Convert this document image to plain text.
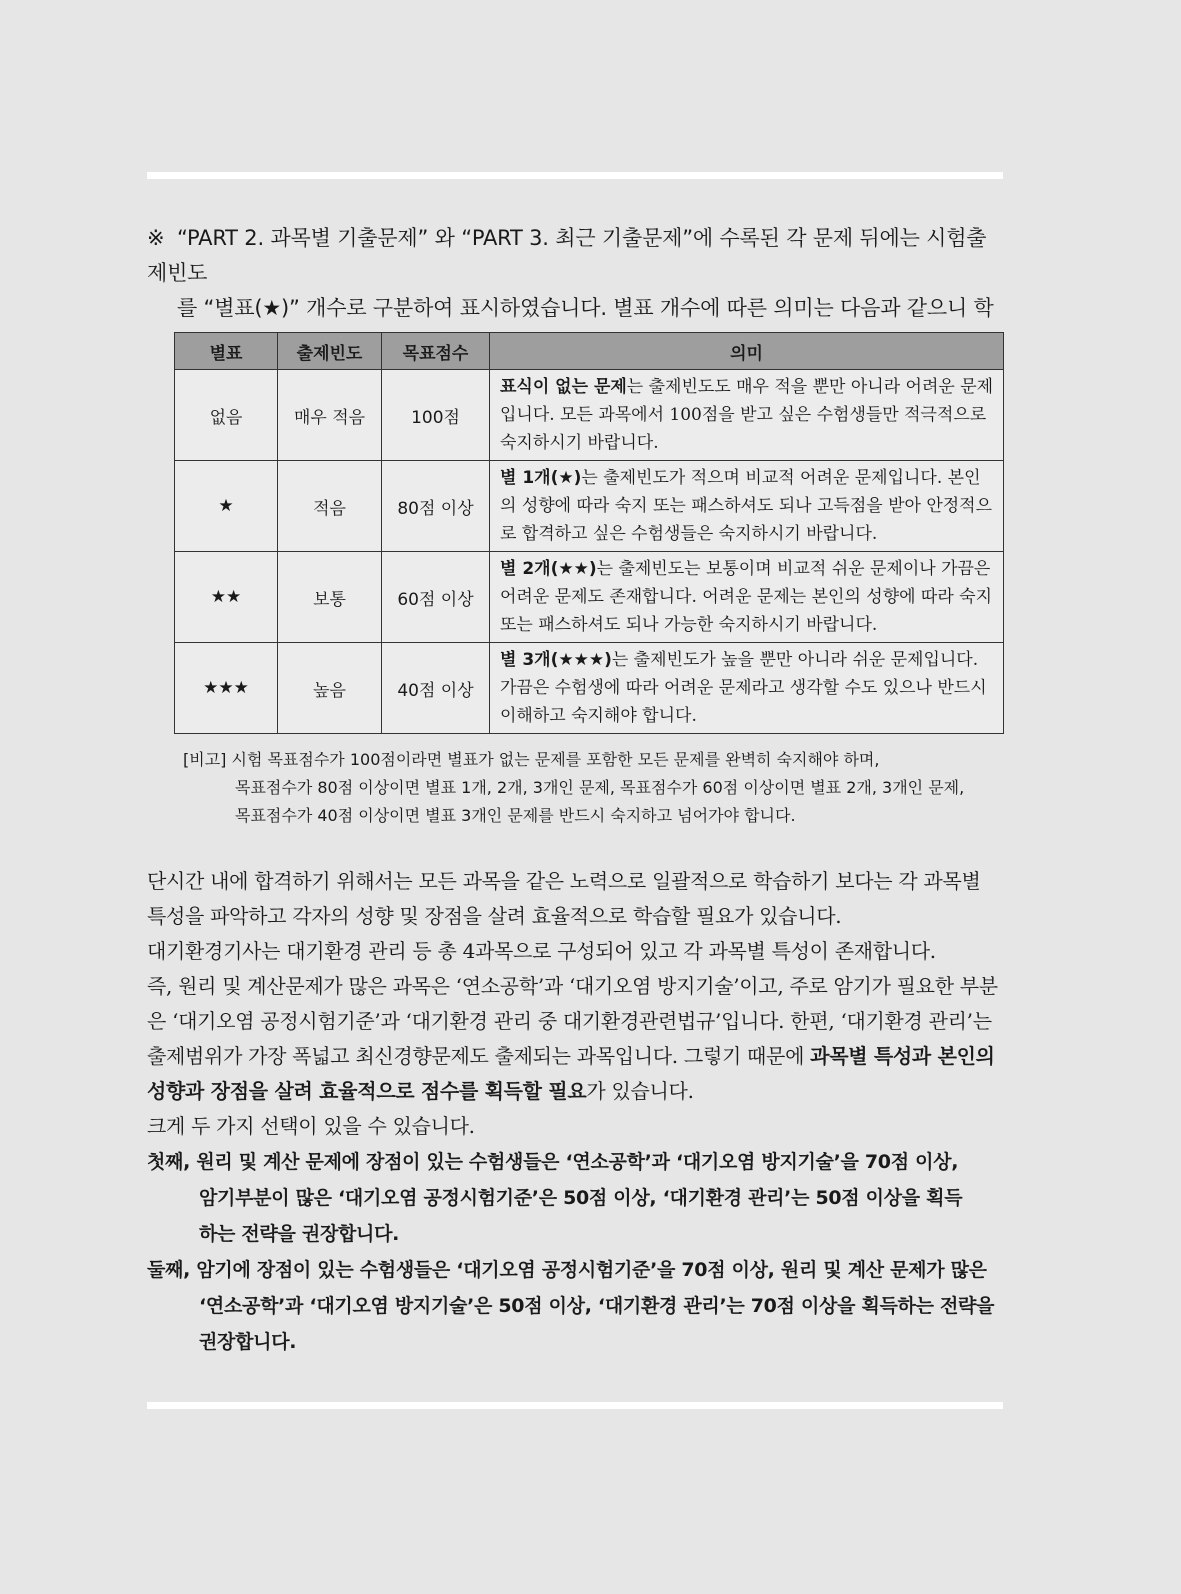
※ “PART 2. 과목별 기출문제” 와 “PART 3. 최근 기출문제”에 수록된 각 문제 뒤에는 시험출제빈도
를 “별표(★)” 개수로 구분하여 표시하였습니다. 별표 개수에 따른 의미는 다음과 같으니 학
별표	출제빈도	목표점수	의미
없음	매우 적음	100점	표식이 없는 문제는 출제빈도도 매우 적을 뿐만 아니라 어려운 문제입니다. 모든 과목에서 100점을 받고 싶은 수험생들만 적극적으로 숙지하시기 바랍니다.
★	적음	80점 이상	별 1개(★)는 출제빈도가 적으며 비교적 어려운 문제입니다. 본인의 성향에 따라 숙지 또는 패스하셔도 되나 고득점을 받아 안정적으로 합격하고 싶은 수험생들은 숙지하시기 바랍니다.
★★	보통	60점 이상	별 2개(★★)는 출제빈도는 보통이며 비교적 쉬운 문제이나 가끔은 어려운 문제도 존재합니다. 어려운 문제는 본인의 성향에 따라 숙지 또는 패스하셔도 되나 가능한 숙지하시기 바랍니다.
★★★	높음	40점 이상	별 3개(★★★)는 출제빈도가 높을 뿐만 아니라 쉬운 문제입니다. 가끔은 수험생에 따라 어려운 문제라고 생각할 수도 있으나 반드시 이해하고 숙지해야 합니다.
[비고] 시험 목표점수가 100점이라면 별표가 없는 문제를 포함한 모든 문제를 완벽히 숙지해야 하며,
목표점수가 80점 이상이면 별표 1개, 2개, 3개인 문제, 목표점수가 60점 이상이면 별표 2개, 3개인 문제,
목표점수가 40점 이상이면 별표 3개인 문제를 반드시 숙지하고 넘어가야 합니다.

단시간 내에 합격하기 위해서는 모든 과목을 같은 노력으로 일괄적으로 학습하기 보다는 각 과목별 특성을 파악하고 각자의 성향 및 장점을 살려 효율적으로 학습할 필요가 있습니다.

대기환경기사는 대기환경 관리 등 총 4과목으로 구성되어 있고 각 과목별 특성이 존재합니다.

즉, 원리 및 계산문제가 많은 과목은 ‘연소공학’과 ‘대기오염 방지기술’이고, 주로 암기가 필요한 부분은 ‘대기오염 공정시험기준’과 ‘대기환경 관리 중 대기환경관련법규’입니다. 한편, ‘대기환경 관리’는 출제범위가 가장 폭넓고 최신경향문제도 출제되는 과목입니다. 그렇기 때문에 과목별 특성과 본인의 성향과 장점을 살려 효율적으로 점수를 획득할 필요가 있습니다.

크게 두 가지 선택이 있을 수 있습니다.

첫째, 원리 및 계산 문제에 장점이 있는 수험생들은 ‘연소공학’과 ‘대기오염 방지기술’을 70점 이상,
암기부분이 많은 ‘대기오염 공정시험기준’은 50점 이상, ‘대기환경 관리’는 50점 이상을 획득
하는 전략을 권장합니다.
둘째, 암기에 장점이 있는 수험생들은 ‘대기오염 공정시험기준’을 70점 이상, 원리 및 계산 문제가 많은
‘연소공학’과 ‘대기오염 방지기술’은 50점 이상, ‘대기환경 관리’는 70점 이상을 획득하는 전략을
권장합니다.
